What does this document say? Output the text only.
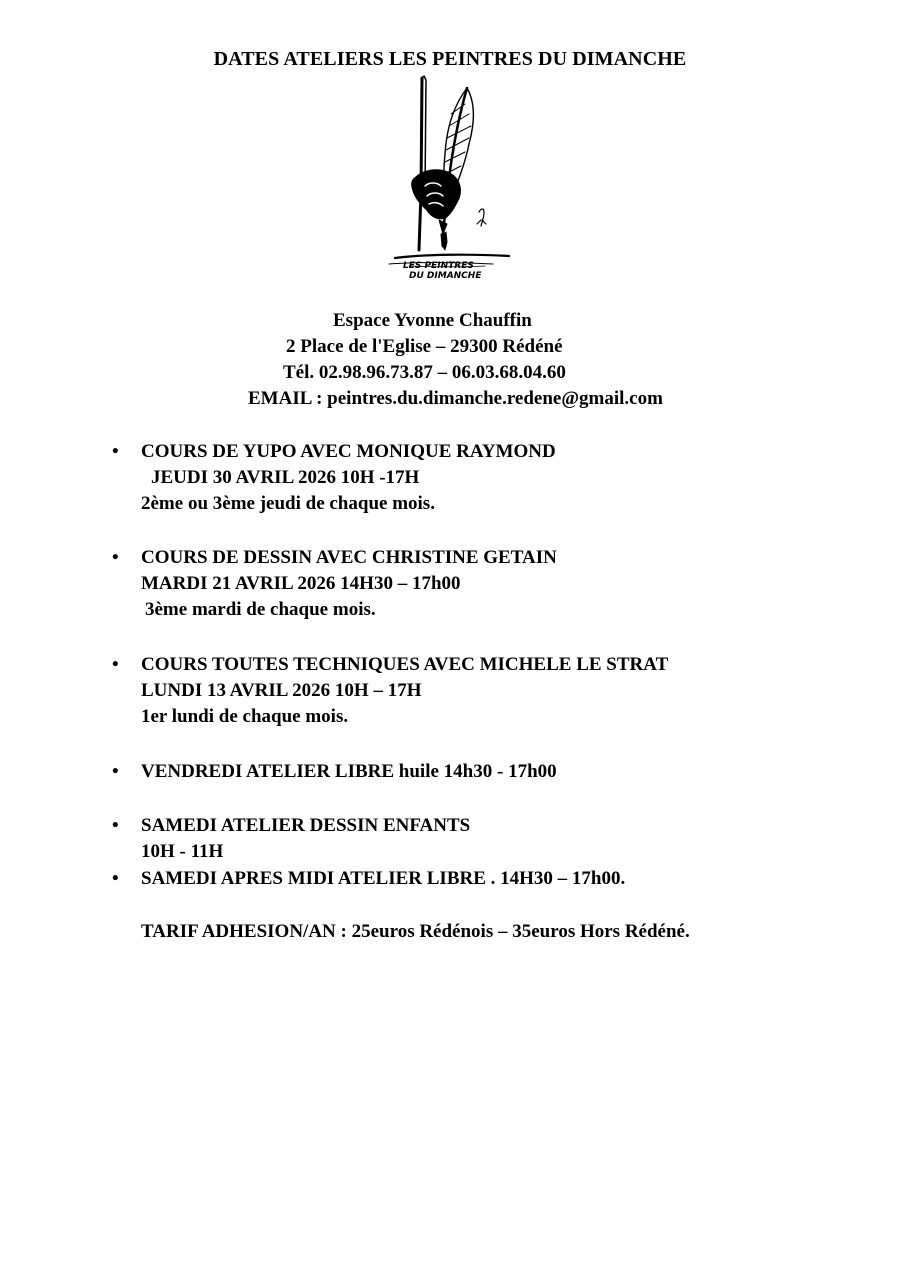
DATES ATELIERS LES PEINTRES DU DIMANCHE
LES PEINTRES
DU DIMANCHE
Espace Yvonne Chauffin
2 Place de l'Eglise – 29300 Rédéné
Tél. 02.98.96.73.87 – 06.03.68.04.60
EMAIL : peintres.du.dimanche.redene@gmail.com
• COURS DE YUPO AVEC MONIQUE RAYMOND
JEUDI 30 AVRIL 2026 10H -17H
2ème ou 3ème jeudi de chaque mois.
• COURS DE DESSIN AVEC CHRISTINE GETAIN
MARDI 21 AVRIL 2026 14H30 – 17h00
3ème mardi de chaque mois.
• COURS TOUTES TECHNIQUES AVEC MICHELE LE STRAT
LUNDI 13 AVRIL 2026 10H – 17H
1er lundi de chaque mois.
• VENDREDI ATELIER LIBRE huile 14h30 - 17h00
• SAMEDI ATELIER DESSIN ENFANTS
10H - 11H
• SAMEDI APRES MIDI ATELIER LIBRE . 14H30 – 17h00.
TARIF ADHESION/AN : 25euros Rédénois – 35euros Hors Rédéné.
